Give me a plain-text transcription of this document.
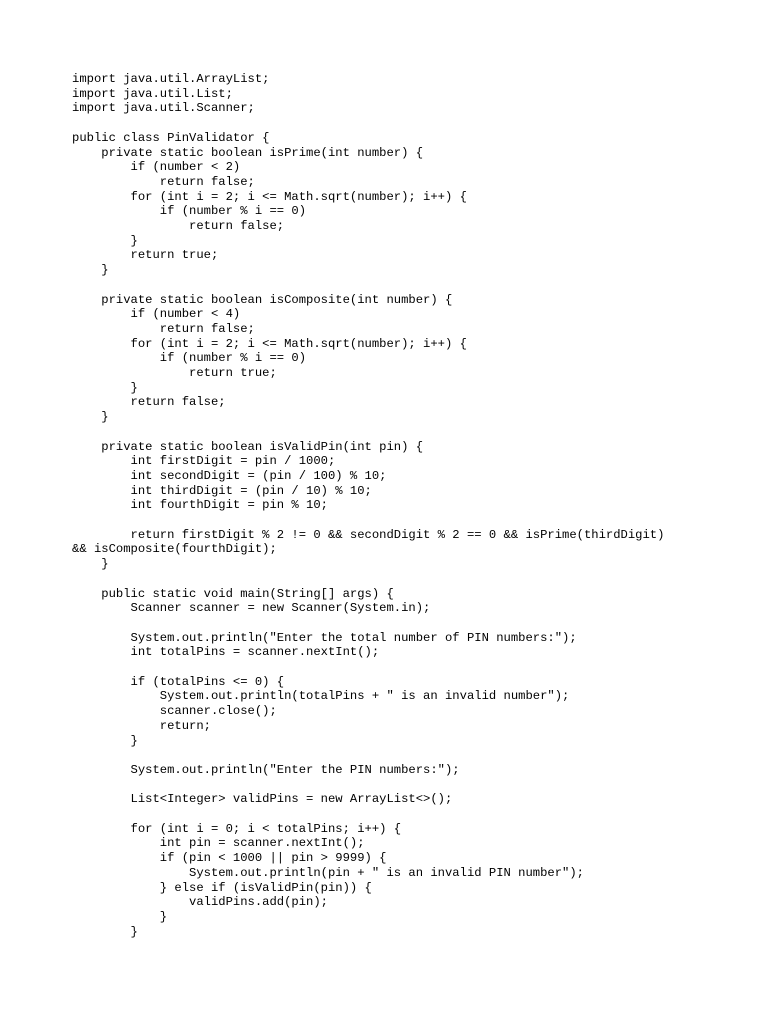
import java.util.ArrayList;
import java.util.List;
import java.util.Scanner;
public class PinValidator {
private static boolean isPrime(int number) {
if (number < 2)
return false;
for (int i = 2; i <= Math.sqrt(number); i++) {
if (number % i == 0)
return false;
}
return true;
}
private static boolean isComposite(int number) {
if (number < 4)
return false;
for (int i = 2; i <= Math.sqrt(number); i++) {
if (number % i == 0)
return true;
}
return false;
}
private static boolean isValidPin(int pin) {
int firstDigit = pin / 1000;
int secondDigit = (pin / 100) % 10;
int thirdDigit = (pin / 10) % 10;
int fourthDigit = pin % 10;
return firstDigit % 2 != 0 && secondDigit % 2 == 0 && isPrime(thirdDigit)
&& isComposite(fourthDigit);
}
public static void main(String[] args) {
Scanner scanner = new Scanner(System.in);
System.out.println("Enter the total number of PIN numbers:");
int totalPins = scanner.nextInt();
if (totalPins <= 0) {
System.out.println(totalPins + " is an invalid number");
scanner.close();
return;
}
System.out.println("Enter the PIN numbers:");
List<Integer> validPins = new ArrayList<>();
for (int i = 0; i < totalPins; i++) {
int pin = scanner.nextInt();
if (pin < 1000 || pin > 9999) {
System.out.println(pin + " is an invalid PIN number");
} else if (isValidPin(pin)) {
validPins.add(pin);
}
}
